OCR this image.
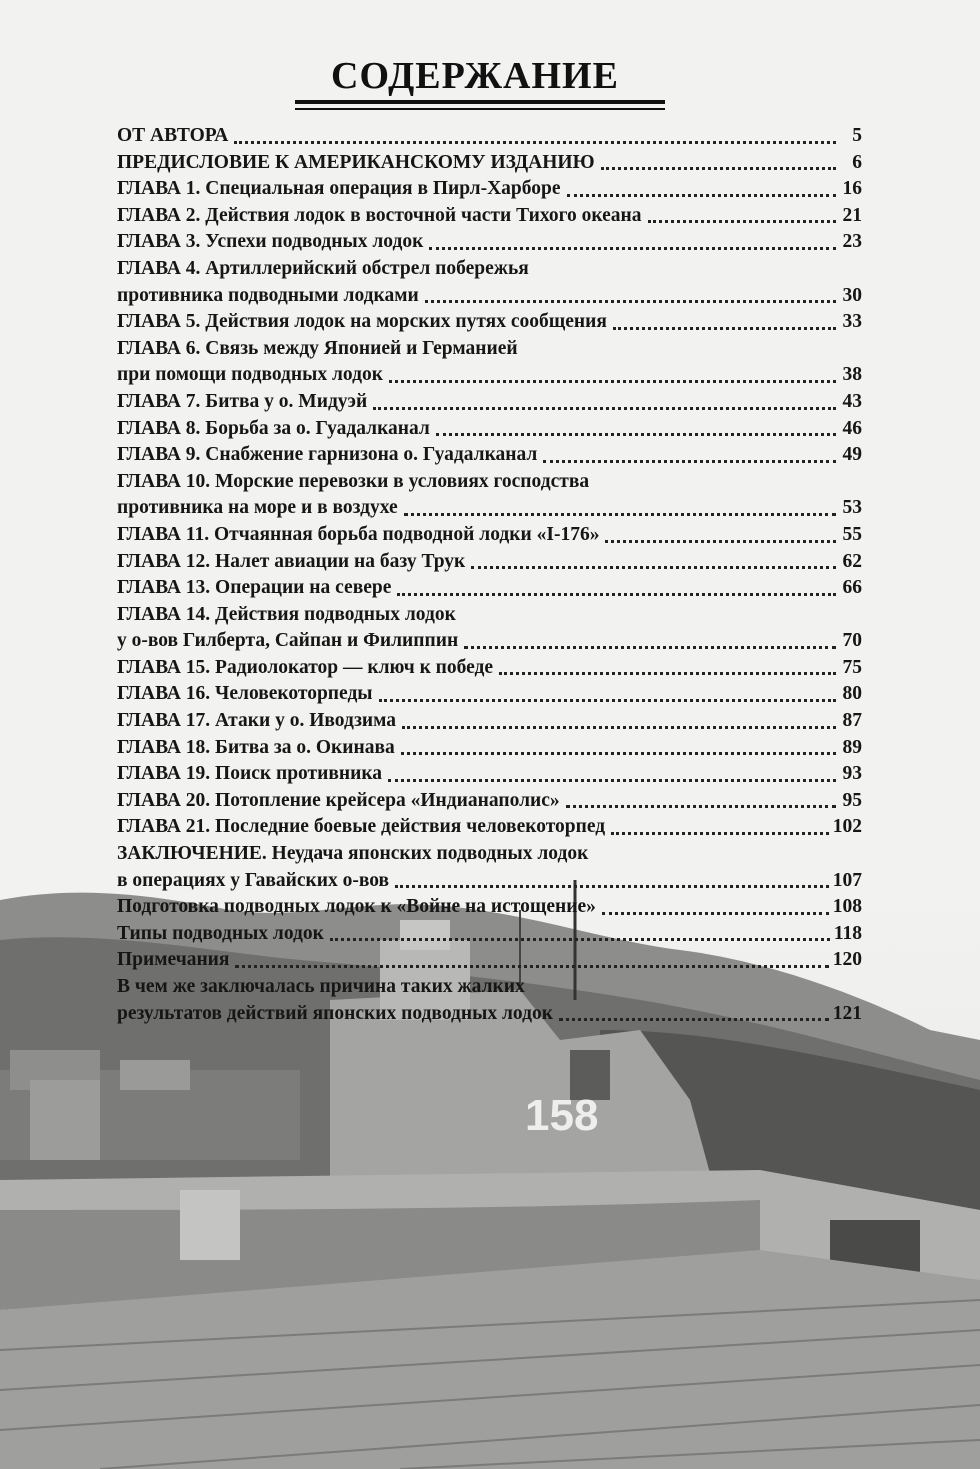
158
СОДЕРЖАНИЕ
ОТ АВТОРА	5
ПРЕДИСЛОВИЕ К АМЕРИКАНСКОМУ ИЗДАНИЮ	6
ГЛАВА 1. Специальная операция в Пирл-Харборе	16
ГЛАВА 2. Действия лодок в восточной части Тихого океана	21
ГЛАВА 3. Успехи подводных лодок	23
ГЛАВА 4. Артиллерийский обстрел побережья
противника подводными лодками	30
ГЛАВА 5. Действия лодок на морских путях сообщения	33
ГЛАВА 6. Связь между Японией и Германией
при помощи подводных лодок	38
ГЛАВА 7. Битва у о. Мидуэй	43
ГЛАВА 8. Борьба за о. Гуадалканал	46
ГЛАВА 9. Снабжение гарнизона о. Гуадалканал	49
ГЛАВА 10. Морские перевозки в условиях господства
противника на море и в воздухе	53
ГЛАВА 11. Отчаянная борьба подводной лодки «I-176»	55
ГЛАВА 12. Налет авиации на базу Трук	62
ГЛАВА 13. Операции на севере	66
ГЛАВА 14. Действия подводных лодок
у о-вов Гилберта, Сайпан и Филиппин	70
ГЛАВА 15. Радиолокатор — ключ к победе	75
ГЛАВА 16. Человекоторпеды	80
ГЛАВА 17. Атаки у о. Иводзима	87
ГЛАВА 18. Битва за о. Окинава	89
ГЛАВА 19. Поиск противника	93
ГЛАВА 20. Потопление крейсера «Индианаполис»	95
ГЛАВА 21. Последние боевые действия человекоторпед	102
ЗАКЛЮЧЕНИЕ. Неудача японских подводных лодок
в операциях у Гавайских о-вов	107
Подготовка подводных лодок к «Войне на истощение»	108
Типы подводных лодок	118
Примечания	120
В чем же заключалась причина таких жалких
результатов действий японских подводных лодок	121
